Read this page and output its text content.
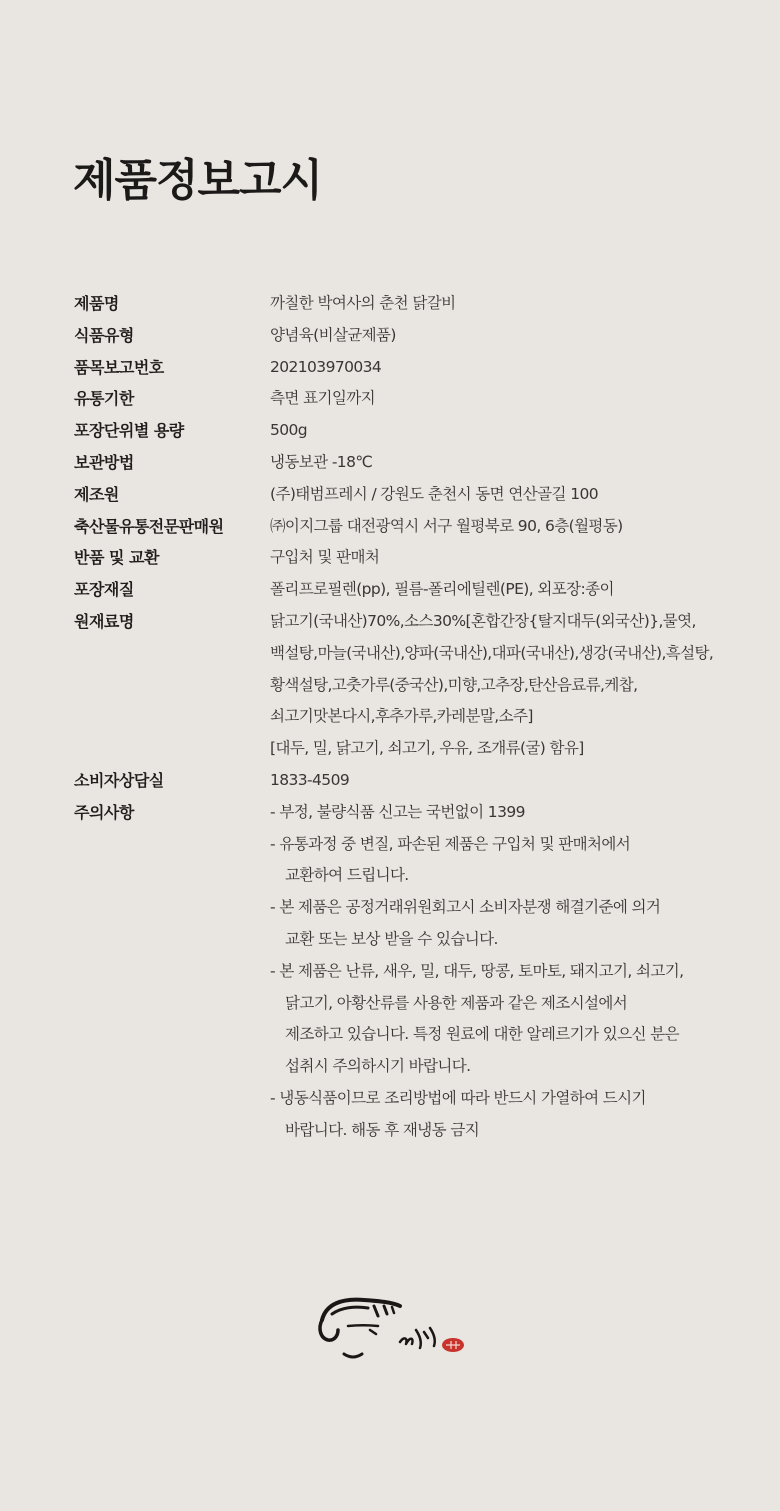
제품정보고시
제품명	까칠한 박여사의 춘천 닭갈비
식품유형	양념육(비살균제품)
품목보고번호	202103970034
유통기한	측면 표기일까지
포장단위별 용량	500g
보관방법	냉동보관 -18℃
제조원	(주)태범프레시 / 강원도 춘천시 동면 연산골길 100
축산물유통전문판매원	㈜이지그룹 대전광역시 서구 월평북로 90, 6층(월평동)
반품 및 교환	구입처 및 판매처
포장재질	폴리프로필렌(pp), 필름-폴리에틸렌(PE), 외포장:종이
원재료명	닭고기(국내산)70%,소스30%[혼합간장{탈지대두(외국산)},물엿,
백설탕,마늘(국내산),양파(국내산),대파(국내산),생강(국내산),흑설탕,
황색설탕,고춧가루(중국산),미향,고추장,탄산음료류,케찹,
쇠고기맛본다시,후추가루,카레분말,소주]
[대두, 밀, 닭고기, 쇠고기, 우유, 조개류(굴) 함유]
소비자상담실	1833-4509
주의사항	- 부정, 불량식품 신고는 국번없이 1399
- 유통과정 중 변질, 파손된 제품은 구입처 및 판매처에서
교환하여 드립니다.
- 본 제품은 공정거래위원회고시 소비자분쟁 해결기준에 의거
교환 또는 보상 받을 수 있습니다.
- 본 제품은 난류, 새우, 밀, 대두, 땅콩, 토마토, 돼지고기, 쇠고기,
닭고기, 아황산류를 사용한 제품과 같은 제조시설에서
제조하고 있습니다. 특정 원료에 대한 알레르기가 있으신 분은
섭취시 주의하시기 바랍니다.
- 냉동식품이므로 조리방법에 따라 반드시 가열하여 드시기
바랍니다. 해동 후 재냉동 금지
